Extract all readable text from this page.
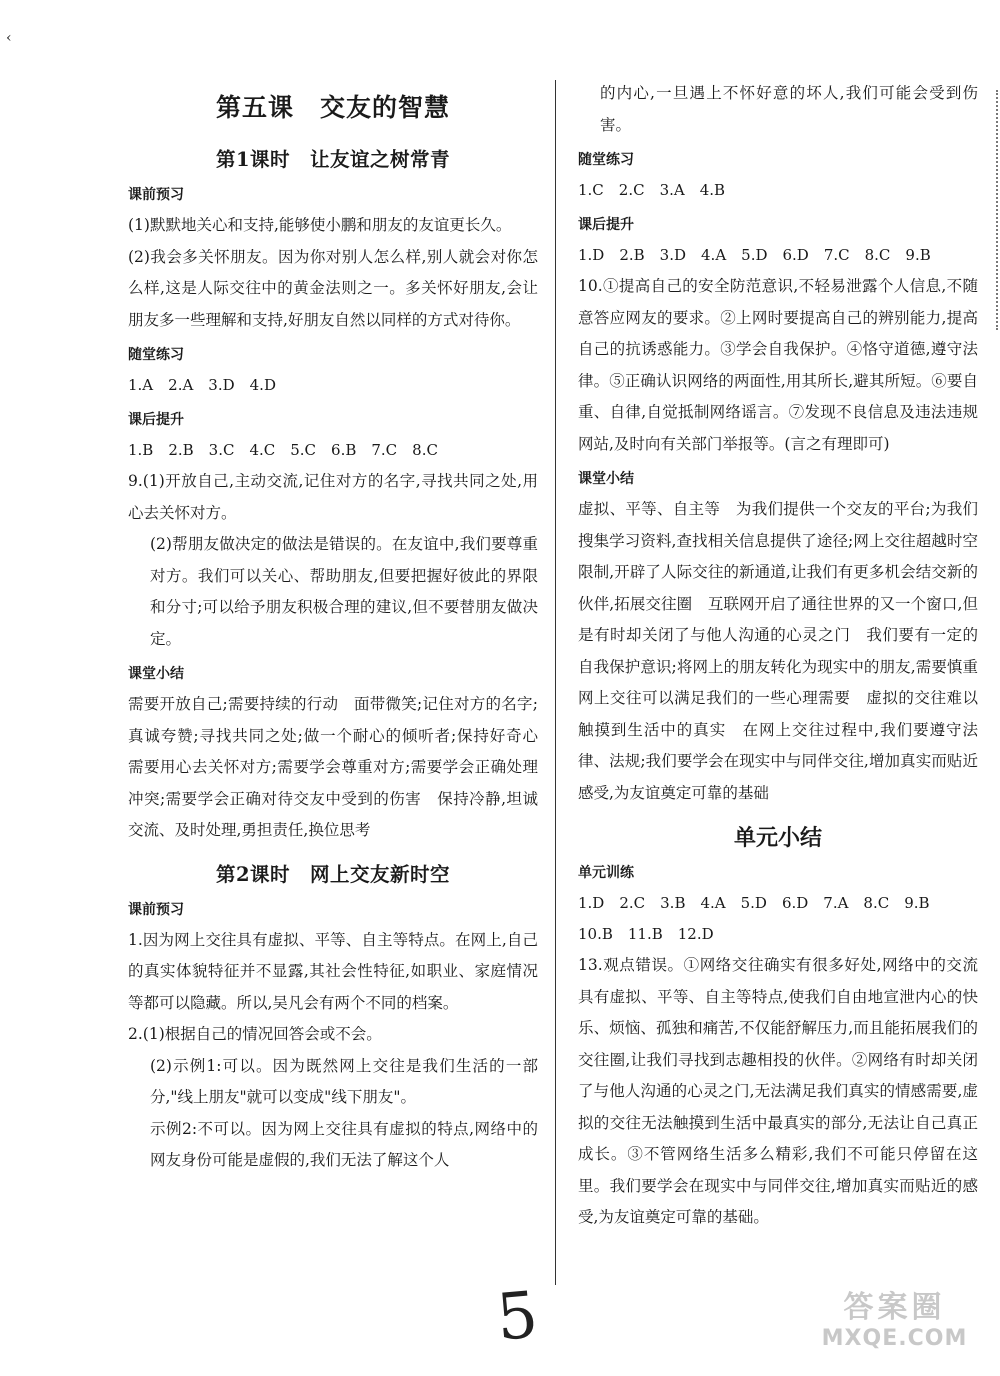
‹
第五课　交友的智慧
第1课时　让友谊之树常青
课前预习

(1)默默地关心和支持,能够使小鹏和朋友的友谊更长久。

(2)我会多关怀朋友。因为你对别人怎么样,别人就会对你怎么样,这是人际交往中的黄金法则之一。多关怀好朋友,会让朋友多一些理解和支持,好朋友自然以同样的方式对待你。

随堂练习

1.A　2.A　3.D　4.D

课后提升

1.B　2.B　3.C　4.C　5.C　6.B　7.C　8.C

9.(1)开放自己,主动交流,记住对方的名字,寻找共同之处,用心去关怀对方。

(2)帮朋友做决定的做法是错误的。在友谊中,我们要尊重对方。我们可以关心、帮助朋友,但要把握好彼此的界限和分寸;可以给予朋友积极合理的建议,但不要替朋友做决定。

课堂小结

需要开放自己;需要持续的行动　面带微笑;记住对方的名字;真诚夸赞;寻找共同之处;做一个耐心的倾听者;保持好奇心　需要用心去关怀对方;需要学会尊重对方;需要学会正确处理冲突;需要学会正确对待交友中受到的伤害　保持冷静,坦诚交流、及时处理,勇担责任,换位思考

第2课时　网上交友新时空
课前预习

1.因为网上交往具有虚拟、平等、自主等特点。在网上,自己的真实体貌特征并不显露,其社会性特征,如职业、家庭情况等都可以隐藏。所以,吴凡会有两个不同的档案。

2.(1)根据自己的情况回答会或不会。

(2)示例1:可以。因为既然网上交往是我们生活的一部分,"线上朋友"就可以变成"线下朋友"。

示例2:不可以。因为网上交往具有虚拟的特点,网络中的网友身份可能是虚假的,我们无法了解这个人

的内心,一旦遇上不怀好意的坏人,我们可能会受到伤害。

随堂练习

1.C　2.C　3.A　4.B

课后提升

1.D　2.B　3.D　4.A　5.D　6.D　7.C　8.C　9.B

10.①提高自己的安全防范意识,不轻易泄露个人信息,不随意答应网友的要求。②上网时要提高自己的辨别能力,提高自己的抗诱惑能力。③学会自我保护。④恪守道德,遵守法律。⑤正确认识网络的两面性,用其所长,避其所短。⑥要自重、自律,自觉抵制网络谣言。⑦发现不良信息及违法违规网站,及时向有关部门举报等。(言之有理即可)

课堂小结

虚拟、平等、自主等　为我们提供一个交友的平台;为我们搜集学习资料,查找相关信息提供了途径;网上交往超越时空限制,开辟了人际交往的新通道,让我们有更多机会结交新的伙伴,拓展交往圈　互联网开启了通往世界的又一个窗口,但是有时却关闭了与他人沟通的心灵之门　我们要有一定的自我保护意识;将网上的朋友转化为现实中的朋友,需要慎重　网上交往可以满足我们的一些心理需要　虚拟的交往难以触摸到生活中的真实　在网上交往过程中,我们要遵守法律、法规;我们要学会在现实中与同伴交往,增加真实而贴近感受,为友谊奠定可靠的基础

单元小结
单元训练

1.D　2.C　3.B　4.A　5.D　6.D　7.A　8.C　9.B

10.B　11.B　12.D

13.观点错误。①网络交往确实有很多好处,网络中的交流具有虚拟、平等、自主等特点,使我们自由地宣泄内心的快乐、烦恼、孤独和痛苦,不仅能舒解压力,而且能拓展我们的交往圈,让我们寻找到志趣相投的伙伴。②网络有时却关闭了与他人沟通的心灵之门,无法满足我们真实的情感需要,虚拟的交往无法触摸到生活中最真实的部分,无法让自己真正成长。③不管网络生活多么精彩,我们不可能只停留在这里。我们要学会在现实中与同伴交往,增加真实而贴近的感受,为友谊奠定可靠的基础。

5	答案圈
MXQE.COM
